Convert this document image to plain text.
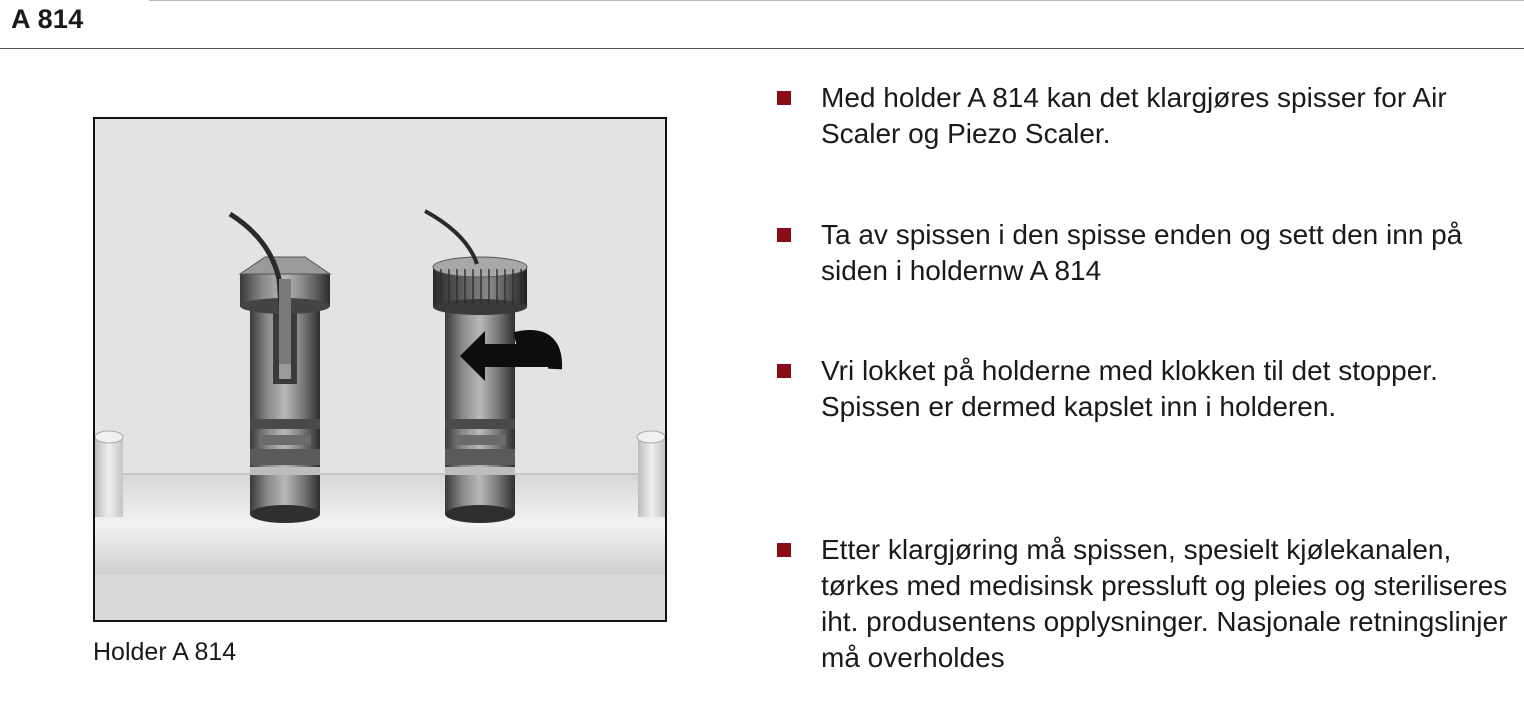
A 814
Holder A 814
Med holder A 814 kan det klargjøres spisser for Air Scaler og Piezo Scaler.
Ta av spissen i den spisse enden og sett den inn på siden i holdernw A 814
Vri lokket på holderne med klokken til det stopper. Spissen er dermed kapslet inn i holderen.
Etter klargjøring må spissen, spesielt kjølekanalen, tørkes med medisinsk pressluft og pleies og steriliseres iht. produsentens opplysninger. Nasjonale retningslinjer må overholdes
